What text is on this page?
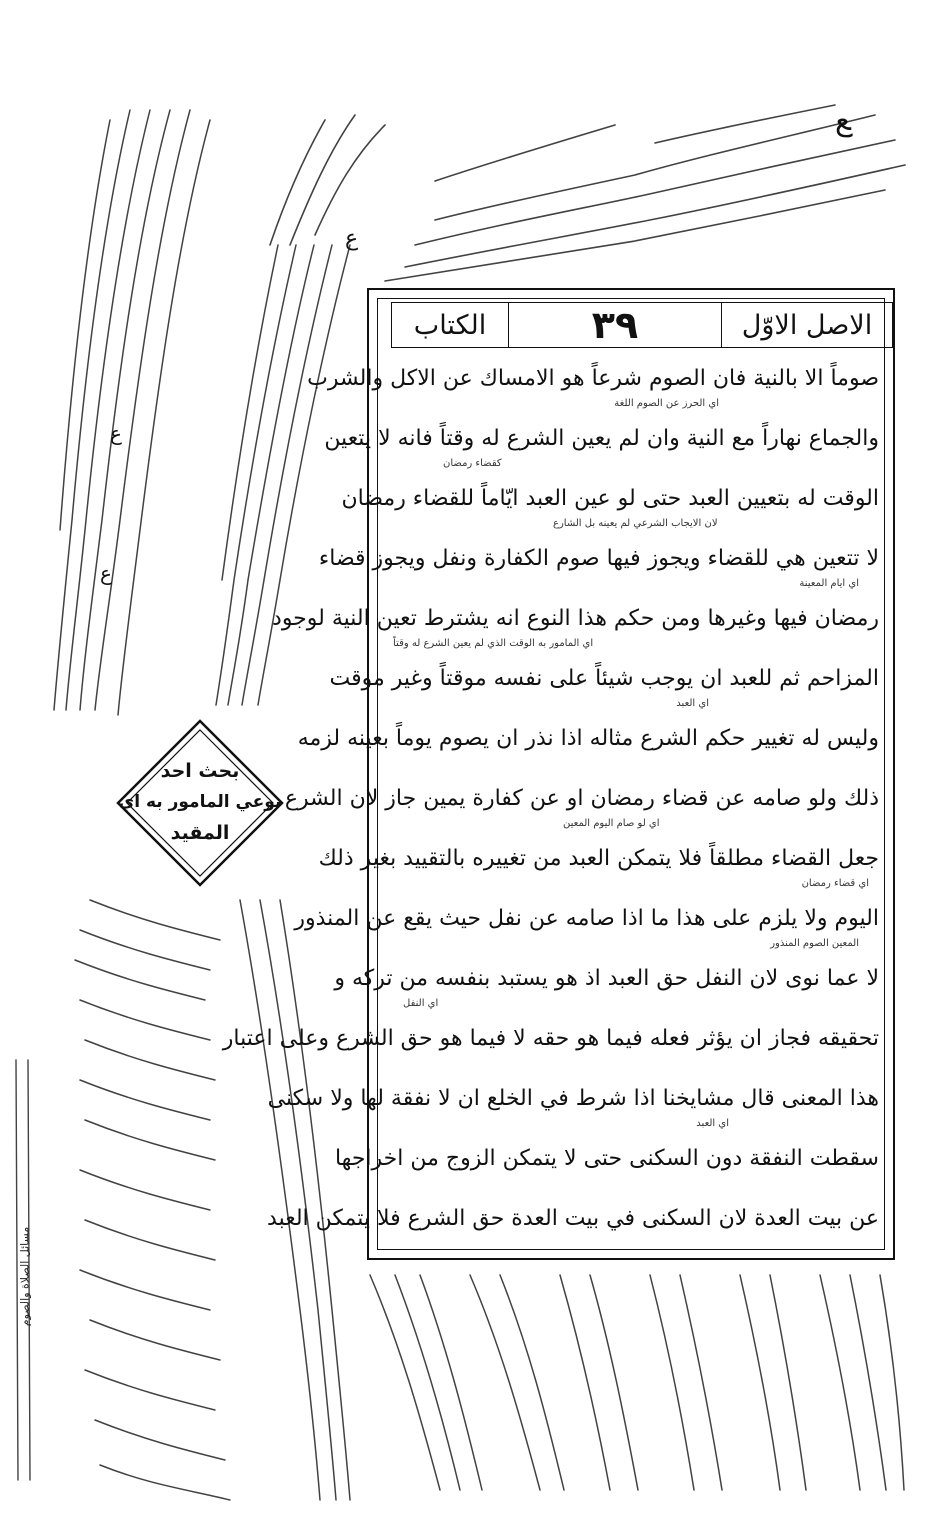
ﻊ
ﻉ
ﻉ
ﻉ
بحث احد
نوعي المامور به اي
المقيد
الكتاب	٣٩	الاصل الاوّل
صوماً الا بالنية فان الصوم شرعاً هو الامساك عن الاكل والشرب
اي الحرز عن الصوم اللغة
والجماع نهاراً مع النية وان لم يعين الشرع له وقتاً فانه لا يتعين
كقضاء رمضان
الوقت له بتعيين العبد حتى لو عين العبد ايّاماً للقضاء رمضان
لان الايجاب الشرعي لم يعينه بل الشارع
لا تتعين هي للقضاء ويجوز فيها صوم الكفارة ونفل ويجوز قضاء
اي ايام المعينة
رمضان فيها وغيرها ومن حكم هذا النوع انه يشترط تعين النية لوجود
اي المامور به الوقت الذي لم يعين الشرع له وقتاً
المزاحم ثم للعبد ان يوجب شيئاً على نفسه موقتاً وغير موقت
اي العبد
وليس له تغيير حكم الشرع مثاله اذا نذر ان يصوم يوماً بعينه لزمه
ذلك ولو صامه عن قضاء رمضان او عن كفارة يمين جاز لان الشرع
اي لو صام اليوم المعين
جعل القضاء مطلقاً فلا يتمكن العبد من تغييره بالتقييد بغير ذلك
اي قضاء رمضان
اليوم ولا يلزم على هذا ما اذا صامه عن نفل حيث يقع عن المنذور
المعين الصوم المنذور
لا عما نوى لان النفل حق العبد اذ هو يستبد بنفسه من تركه و
اي النفل
تحقيقه فجاز ان يؤثر فعله فيما هو حقه لا فيما هو حق الشرع وعلى اعتبار
هذا المعنى قال مشايخنا اذا شرط في الخلع ان لا نفقة لها ولا سكنى
اي العبد
سقطت النفقة دون السكنى حتى لا يتمكن الزوج من اخراجها
عن بيت العدة لان السكنى في بيت العدة حق الشرع فلا يتمكن العبد
مسائل الصلاة والصوم
